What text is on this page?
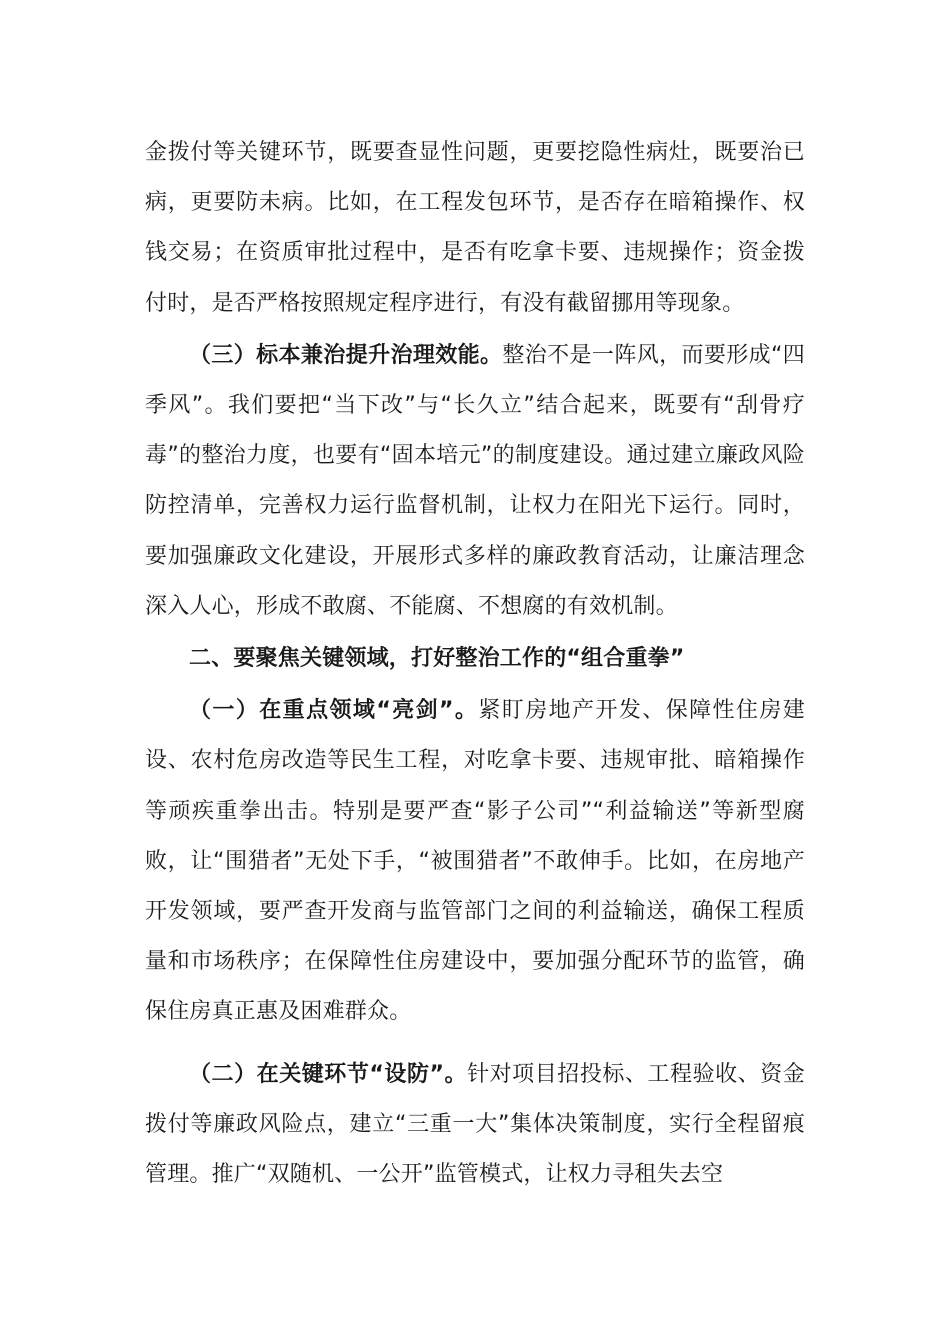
金拨付等关键环节，既要查显性问题，更要挖隐性病灶，既要治已病，更要防未病。比如，在工程发包环节，是否存在暗箱操作、权钱交易；在资质审批过程中，是否有吃拿卡要、违规操作；资金拨付时，是否严格按照规定程序进行，有没有截留挪用等现象。

（三）标本兼治提升治理效能。整治不是一阵风，而要形成“四季风”。我们要把“当下改”与“长久立”结合起来，既要有“刮骨疗毒”的整治力度，也要有“固本培元”的制度建设。通过建立廉政风险防控清单，完善权力运行监督机制，让权力在阳光下运行。同时，要加强廉政文化建设，开展形式多样的廉政教育活动，让廉洁理念深入人心，形成不敢腐、不能腐、不想腐的有效机制。

二、要聚焦关键领域，打好整治工作的“组合重拳”

（一）在重点领域“亮剑”。紧盯房地产开发、保障性住房建设、农村危房改造等民生工程，对吃拿卡要、违规审批、暗箱操作等顽疾重拳出击。特别是要严查“影子公司”“利益输送”等新型腐败，让“围猎者”无处下手，“被围猎者”不敢伸手。比如，在房地产开发领域，要严查开发商与监管部门之间的利益输送，确保工程质量和市场秩序；在保障性住房建设中，要加强分配环节的监管，确保住房真正惠及困难群众。

（二）在关键环节“设防”。针对项目招投标、工程验收、资金拨付等廉政风险点，建立“三重一大”集体决策制度，实行全程留痕管理。推广“双随机、一公开”监管模式，让权力寻租失去空
